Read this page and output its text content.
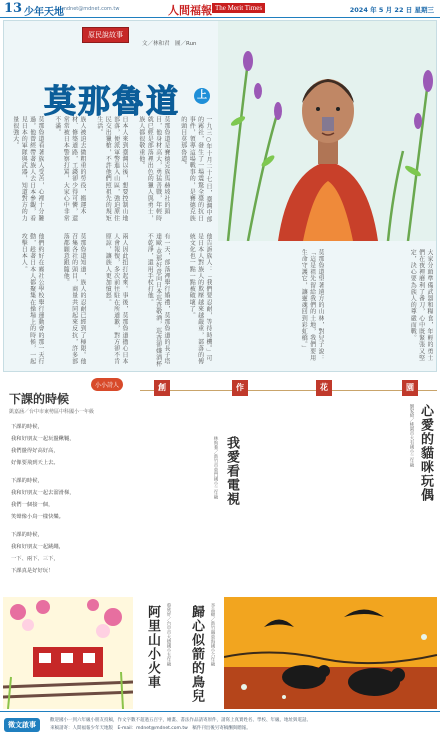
13 少年天地
mdnet@mdnet.com.tw	人間福報 The Merit Times	2024 年 5 月 22 日 星期三
原民說故事
文／林和君　圖／Run
莫那魯道	上
一九三○年十月二十七日，臺灣中部的霧社，發生了一場震驚全臺的抗日事件，領導這場戰事的，是賽德克族的頭目莫那魯道。
莫那魯道是賽德克族馬赫坡社的頭目，他身材高大，勇猛善戰，年輕時就已經是部落裡出色的獵人與勇士，族人都很敬重他。
日本人來到臺灣以後，想要控制山地部落，便派軍警進入山區，強迫原住民交出獵槍，不許他們照祖先的規矩生活。
族人被迫去做粗重的勞役，搬運木材、修築道路，工錢卻少得可憐，還常常被日本警察打罵，大家心中非常不滿。
莫那魯道看著族人受苦，心裡十分難過。他曾經帶著族人去日本參觀，看見日本的軍隊與武器，知道對方的力量很強大。
他告訴族人：「我們要忍耐，等待時機。」可是日本人對族人的欺壓越來越嚴重，部落的傳統文化也一點一點被破壞了。
有一天，部落裡舉行婚禮，莫那魯道的長子塔達歐·莫那好意向日本巡查敬酒，巡查卻嫌酒杯不乾淨，還用手杖打他。
兩人因此扭打起來。事後，莫那魯道擔心日本人會報復，多次前往駐在所道歉，對方卻不肯原諒，讓族人更加憤怒。
莫那魯道知道，族人的忍耐已經到了極限。他召集各社的頭目，商量共同起來反抗，許多部落都願意跟隨他。
他們約好在霧社公學校舉行運動會的那一天行動，趁著日本人都聚集在操場上的時候，一起攻擊日本人。	大家分頭準備武器和糧食，年輕的勇士們在夜裡磨利了番刀，心中既緊張又堅定，決心要為族人的尊嚴而戰。
莫那魯道望著遠方的山林，對兒子說：「這是祖先留給我們的土地，我們要用生命守護它，讓靈魂回到彩虹橋。」
小小詩人
下課的時候
凱嘉涵／台中市東勢區中科國小一年級
下課的時候，
我和好朋友一起玩盪鞦韆，
我們盪得好高好高，
好像要飛到天上去。
下課的時候，
我和好朋友一起去溜滑梯，
我們一個接一個，
笑聲像小鳥一樣快樂。
下課的時候，
我和好朋友一起跳繩，
一下、兩下、三下，
下課真是好好玩！
創	作	花	園
心愛的貓咪玩偶
劉家綺／桃園市大有國小三年級
我愛看電視
林昀蓁／新竹市東門國小三年級
阿里山小火車	蔡欣妤／台中市大德國小五年級 歸心似箭的鳥兒	李品頤／新竹縣東海國小六年級
徵文啟事
歡迎國小一到六年級小朋友投稿，作文字數不超過五百字，繪畫、書法作品請寄原件，請寫上真實姓名、學校、年級、地址與電話。
來稿請寄：人間福報少年天地版　E-mail：mdnet@mdnet.com.tw　稿件刊出後另寄稿酬與贈報。
